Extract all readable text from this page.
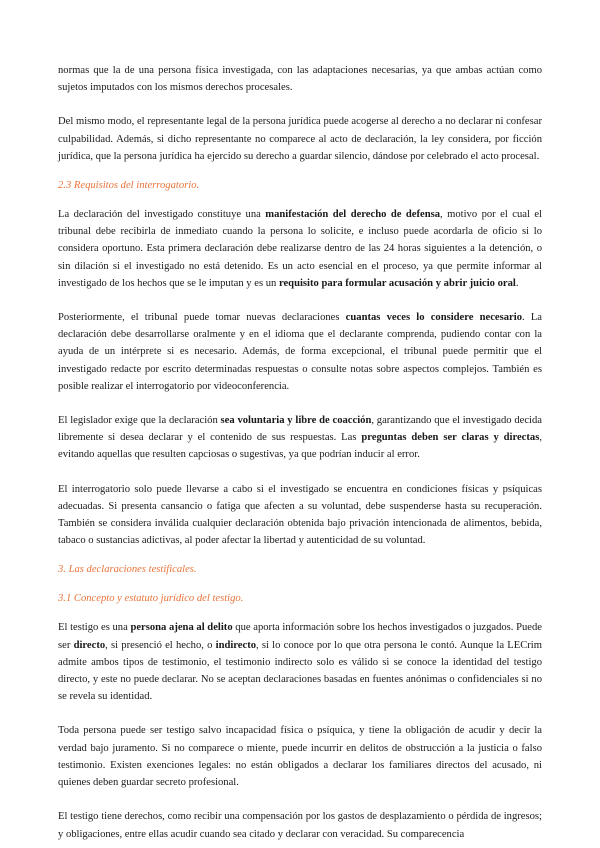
normas que la de una persona física investigada, con las adaptaciones necesarias, ya que ambas actúan como sujetos imputados con los mismos derechos procesales.

Del mismo modo, el representante legal de la persona jurídica puede acogerse al derecho a no declarar ni confesar culpabilidad. Además, si dicho representante no comparece al acto de declaración, la ley considera, por ficción jurídica, que la persona jurídica ha ejercido su derecho a guardar silencio, dándose por celebrado el acto procesal.

2.3 Requisitos del interrogatorio.

La declaración del investigado constituye una manifestación del derecho de defensa, motivo por el cual el tribunal debe recibirla de inmediato cuando la persona lo solicite, e incluso puede acordarla de oficio si lo considera oportuno. Esta primera declaración debe realizarse dentro de las 24 horas siguientes a la detención, o sin dilación si el investigado no está detenido. Es un acto esencial en el proceso, ya que permite informar al investigado de los hechos que se le imputan y es un requisito para formular acusación y abrir juicio oral.

Posteriormente, el tribunal puede tomar nuevas declaraciones cuantas veces lo considere necesario. La declaración debe desarrollarse oralmente y en el idioma que el declarante comprenda, pudiendo contar con la ayuda de un intérprete si es necesario. Además, de forma excepcional, el tribunal puede permitir que el investigado redacte por escrito determinadas respuestas o consulte notas sobre aspectos complejos. También es posible realizar el interrogatorio por videoconferencia.

El legislador exige que la declaración sea voluntaria y libre de coacción, garantizando que el investigado decida libremente si desea declarar y el contenido de sus respuestas. Las preguntas deben ser claras y directas, evitando aquellas que resulten capciosas o sugestivas, ya que podrían inducir al error.

El interrogatorio solo puede llevarse a cabo si el investigado se encuentra en condiciones físicas y psíquicas adecuadas. Si presenta cansancio o fatiga que afecten a su voluntad, debe suspenderse hasta su recuperación. También se considera inválida cualquier declaración obtenida bajo privación intencionada de alimentos, bebida, tabaco o sustancias adictivas, al poder afectar la libertad y autenticidad de su voluntad.

3. Las declaraciones testificales.
3.1 Concepto y estatuto jurídico del testigo.

El testigo es una persona ajena al delito que aporta información sobre los hechos investigados o juzgados. Puede ser directo, si presenció el hecho, o indirecto, si lo conoce por lo que otra persona le contó. Aunque la LECrim admite ambos tipos de testimonio, el testimonio indirecto solo es válido si se conoce la identidad del testigo directo, y este no puede declarar. No se aceptan declaraciones basadas en fuentes anónimas o confidenciales si no se revela su identidad.

Toda persona puede ser testigo salvo incapacidad física o psíquica, y tiene la obligación de acudir y decir la verdad bajo juramento. Si no comparece o miente, puede incurrir en delitos de obstrucción a la justicia o falso testimonio. Existen exenciones legales: no están obligados a declarar los familiares directos del acusado, ni quienes deben guardar secreto profesional.

El testigo tiene derechos, como recibir una compensación por los gastos de desplazamiento o pérdida de ingresos; y obligaciones, entre ellas acudir cuando sea citado y declarar con veracidad. Su comparecencia
